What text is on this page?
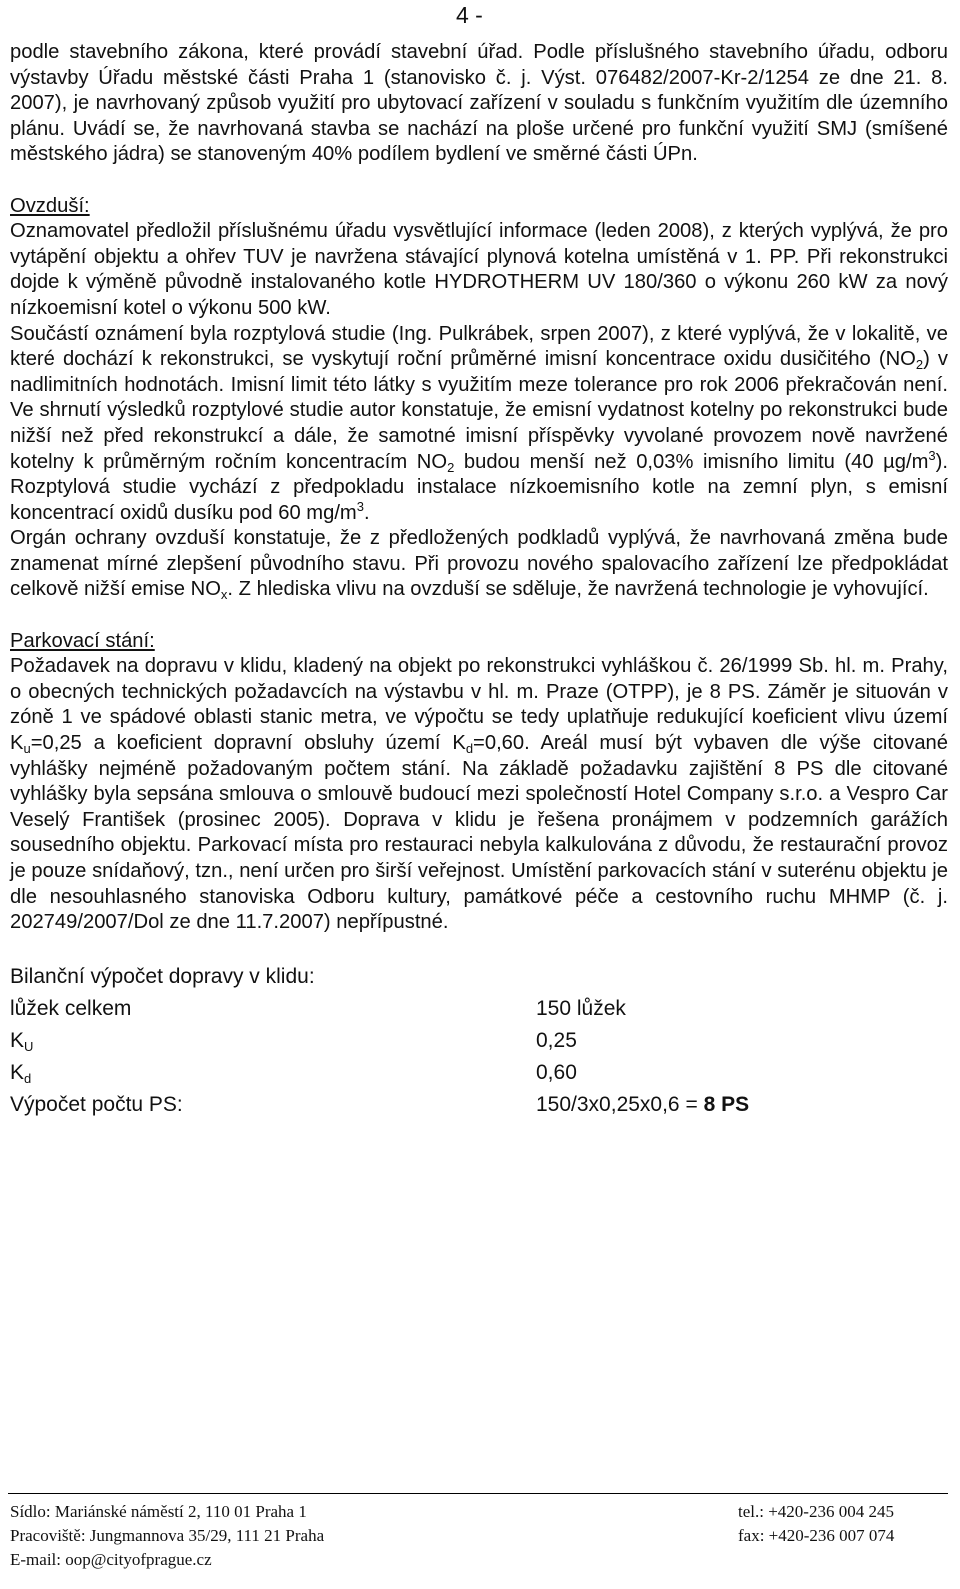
4 -

podle stavebního zákona, které provádí stavební úřad. Podle příslušného stavebního úřadu, odboru výstavby Úřadu městské části Praha 1 (stanovisko č. j. Výst. 076482/2007-Kr-2/1254 ze dne 21. 8. 2007), je navrhovaný způsob využití pro ubytovací zařízení v souladu s funkčním využitím dle územního plánu. Uvádí se, že navrhovaná stavba se nachází na ploše určené pro funkční využití SMJ (smíšené městského jádra) se stanoveným 40% podílem bydlení ve směrné části ÚPn.

Ovzduší:

Oznamovatel předložil příslušnému úřadu vysvětlující informace (leden 2008), z kterých vyplývá, že pro vytápění objektu a ohřev TUV je navržena stávající plynová kotelna umístěná v 1. PP. Při rekonstrukci dojde k výměně původně instalovaného kotle HYDROTHERM UV 180/360 o výkonu 260 kW za nový nízkoemisní kotel o výkonu 500 kW.

Součástí oznámení byla rozptylová studie (Ing. Pulkrábek, srpen 2007), z které vyplývá, že v lokalitě, ve které dochází k rekonstrukci, se vyskytují roční průměrné imisní koncentrace oxidu dusičitého $(NO_2)$ v nadlimitních hodnotách. Imisní limit této látky s využitím meze tolerance pro rok 2006 překračován není. Ve shrnutí výsledků rozptylové studie autor konstatuje, že emisní vydatnost kotelny po rekonstrukci bude nižší než před rekonstrukcí a dále, že samotné imisní příspěvky vyvolané provozem nově navržené kotelny k průměrným ročním koncentracím $NO_2$ budou menší než 0,03% imisního limitu (40 $\mu g/m^3$). Rozptylová studie vychází z předpokladu instalace nízkoemisního kotle na zemní plyn, s emisní koncentrací oxidů dusíku pod 60 $mg/m^3$.

Orgán ochrany ovzduší konstatuje, že z předložených podkladů vyplývá, že navrhovaná změna bude znamenat mírné zlepšení původního stavu. Při provozu nového spalovacího zařízení lze předpokládat celkově nižší emise $NO_x$. Z hlediska vlivu na ovzduší se sděluje, že navržená technologie je vyhovující.

Parkovací stání:

Požadavek na dopravu v klidu, kladený na objekt po rekonstrukci vyhláškou č. 26/1999 Sb. hl. m. Prahy, o obecných technických požadavcích na výstavbu v hl. m. Praze (OTPP), je 8 PS. Záměr je situován v zóně 1 ve spádové oblasti stanic metra, ve výpočtu se tedy uplatňuje redukující koeficient vlivu území $K_u=0,25$ a koeficient dopravní obsluhy území $K_d=0,60$. Areál musí být vybaven dle výše citované vyhlášky nejméně požadovaným počtem stání. Na základě požadavku zajištění 8 PS dle citované vyhlášky byla sepsána smlouva o smlouvě budoucí mezi společností Hotel Company s.r.o. a Vespro Car Veselý František (prosinec 2005). Doprava v klidu je řešena pronájmem v podzemních garážích sousedního objektu. Parkovací místa pro restauraci nebyla kalkulována z důvodu, že restaurační provoz je pouze snídaňový, tzn., není určen pro širší veřejnost. Umístění parkovacích stání v suterénu objektu je dle nesouhlasného stanoviska Odboru kultury, památkové péče a cestovního ruchu MHMP (č. j. 202749/2007/Dol ze dne 11.7.2007) nepřípustné.

Bilanční výpočet dopravy v klidu:
lůžek celkem	150 lůžek
$K_U$	0,25
$K_d$	0,60
Výpočet počtu PS:	150/3x0,25x0,6 = 8 PS
Sídlo: Mariánské náměstí 2, 110 01 Praha 1	tel.: +420-236 004 245
Pracoviště: Jungmannova 35/29, 111 21 Praha	fax: +420-236 007 074
E-mail: oop@cityofprague.cz
